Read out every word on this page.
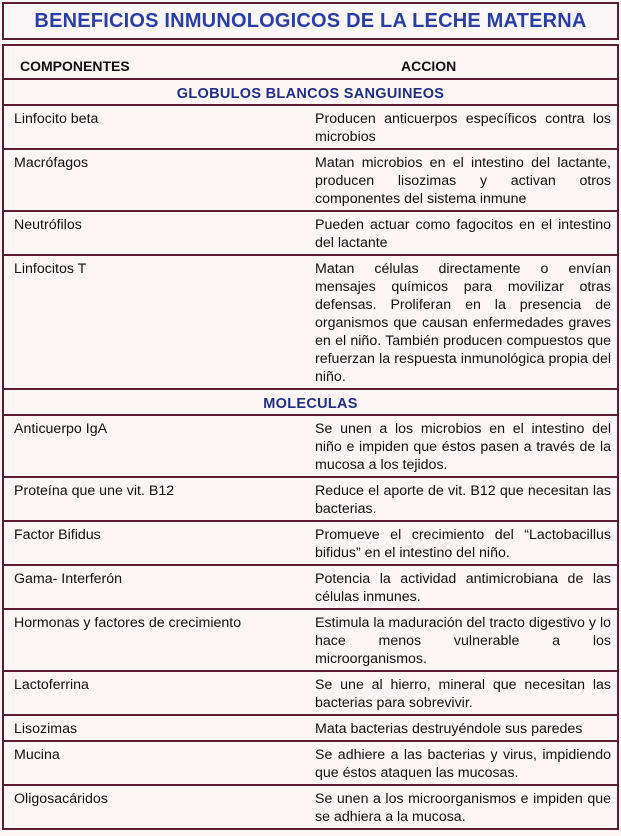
BENEFICIOS INMUNOLOGICOS DE LA LECHE MATERNA
COMPONENTES	ACCION
GLOBULOS BLANCOS SANGUINEOS
Linfocito beta	Producen anticuerpos específicos contra los microbios
Macrófagos	Matan microbios en el intestino del lactante, producen lisozimas y activan otros componentes del sistema inmune
Neutrófilos	Pueden actuar como fagocitos en el intestino del lactante
Linfocitos T	Matan células directamente o envían mensajes químicos para movilizar otras defensas. Proliferan en la presencia de organismos que causan enfermedades graves en el niño. También producen compuestos que refuerzan la respuesta inmunológica propia del niño.
MOLECULAS
Anticuerpo IgA	Se unen a los microbios en el intestino del niño e impiden que éstos pasen a través de la mucosa a los tejidos.
Proteína que une vit. B12	Reduce el aporte de vit. B12 que necesitan las bacterias.
Factor Bifidus	Promueve el crecimiento del “Lactobacillus bifidus” en el intestino del niño.
Gama- Interferón	Potencia la actividad antimicrobiana de las células inmunes.
Hormonas y factores de crecimiento	Estimula la maduración del tracto digestivo y lo hace menos vulnerable a los microorganismos.
Lactoferrina	Se une al hierro, mineral que necesitan las bacterias para sobrevivir.
Lisozimas	Mata bacterias destruyéndole sus paredes
Mucina	Se adhiere a las bacterias y virus, impidiendo que éstos ataquen las mucosas.
Oligosacáridos	Se unen a los microorganismos e impiden que se adhiera a la mucosa.
